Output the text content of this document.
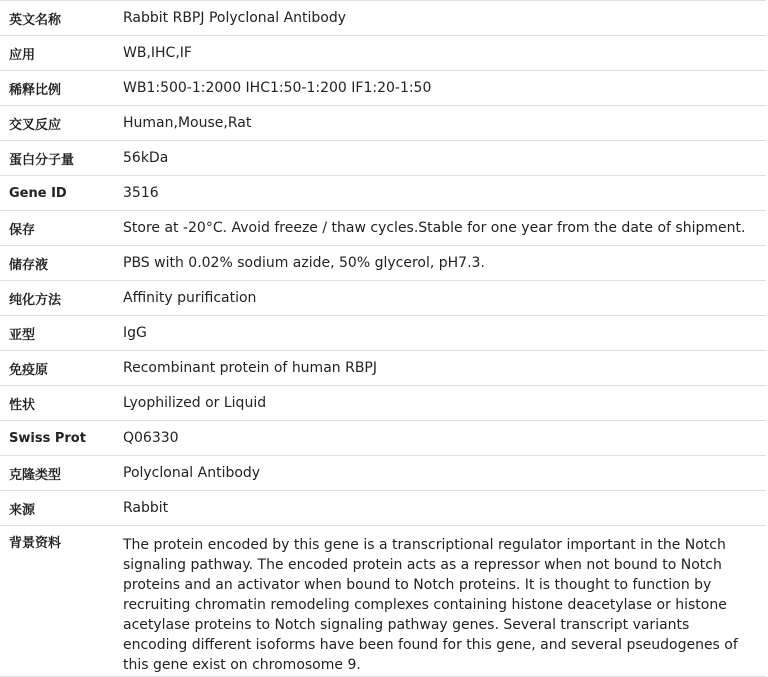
英文名称	Rabbit RBPJ Polyclonal Antibody
应用	WB,IHC,IF
稀释比例	WB1:500-1:2000 IHC1:50-1:200 IF1:20-1:50
交叉反应	Human,Mouse,Rat
蛋白分子量	56kDa
Gene ID	3516
保存	Store at -20°C. Avoid freeze / thaw cycles.Stable for one year from the date of shipment.
储存液	PBS with 0.02% sodium azide, 50% glycerol, pH7.3.
纯化方法	Affinity purification
亚型	IgG
免疫原	Recombinant protein of human RBPJ
性状	Lyophilized or Liquid
Swiss Prot	Q06330
克隆类型	Polyclonal Antibody
来源	Rabbit
背景资料	The protein encoded by this gene is a transcriptional regulator important in the Notch signaling pathway. The encoded protein acts as a repressor when not bound to Notch proteins and an activator when bound to Notch proteins. It is thought to function by recruiting chromatin remodeling complexes containing histone deacetylase or histone acetylase proteins to Notch signaling pathway genes. Several transcript variants encoding different isoforms have been found for this gene, and several pseudogenes of this gene exist on chromosome 9.
